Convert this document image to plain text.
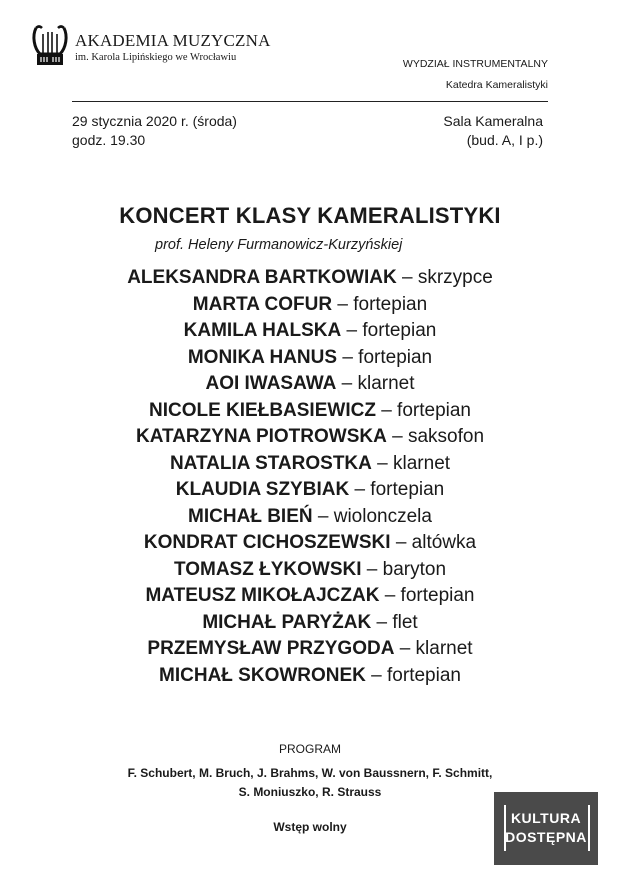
AKADEMIA MUZYCZNA
im. Karola Lipińskiego we Wrocławiu
WYDZIAŁ INSTRUMENTALNY
Katedra Kameralistyki
29 stycznia 2020 r. (środa)
godz. 19.30
Sala Kameralna
(bud. A, I p.)
KONCERT KLASY KAMERALISTYKI
prof. Heleny Furmanowicz-Kurzyńskiej
ALEKSANDRA BARTKOWIAK – skrzypce
MARTA COFUR – fortepian
KAMILA HALSKA – fortepian
MONIKA HANUS – fortepian
AOI IWASAWA – klarnet
NICOLE KIEŁBASIEWICZ – fortepian
KATARZYNA PIOTROWSKA – saksofon
NATALIA STAROSTKA – klarnet
KLAUDIA SZYBIAK – fortepian
MICHAŁ BIEŃ – wiolonczela
KONDRAT CICHOSZEWSKI – altówka
TOMASZ ŁYKOWSKI – baryton
MATEUSZ MIKOŁAJCZAK – fortepian
MICHAŁ PARYŻAK – flet
PRZEMYSŁAW PRZYGODA – klarnet
MICHAŁ SKOWRONEK – fortepian
PROGRAM
F. Schubert, M. Bruch, J. Brahms, W. von Baussnern, F. Schmitt,
S. Moniuszko, R. Strauss
Wstęp wolny
KULTURA
DOSTĘPNA
